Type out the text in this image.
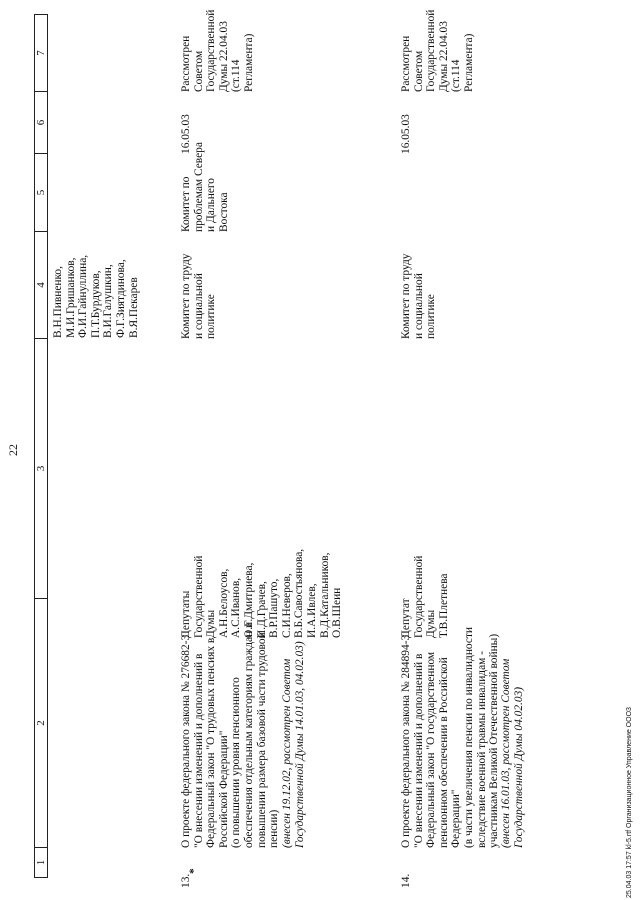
22
1
2
3
4
5
6
7
В.Н.Пивненко,
М.И.Гришанков,
Ф.И.Гайнуллина,
П.Т.Бурдуков,
В.И.Галушкин,
Ф.Г.Зиятдинова,
В.Я.Пекарев
13.
*
О проекте федерального закона № 276682-3
"О внесении изменений и дополнений в
Федеральный закон "О трудовых пенсиях в
Российской Федерации"
(о повышении уровня пенсионного
обеспечения отдельным категориям граждан и
повышении размера базовой части трудовой
пенсии) (внесен 19.12.02, рассмотрен Советом
Государственной Думы 14.01.03, 04.02.03)
Депутаты
Государственной
Думы
А.Н.Белоусов,
А.С.Иванов,
О.Г.Дмитриева,
И.Д.Грачев,
В.Р.Пашуто,
С.И.Неверов,
В.Б.Савостьянова,
И.А.Ивлев,
В.Д.Катальников,
О.В.Шеин
Комитет по труду
и социальной
политике
Комитет по
проблемам Севера
и Дальнего
Востока
16.05.03
Рассмотрен Советом
Государственной
Думы 22.04.03
(ст.114 Регламента)
14.
О проекте федерального закона № 284894-3
"О внесении изменений и дополнений в
Федеральный закон "О государственном
пенсионном обеспечении в Российской
Федерации"
(в части увеличения пенсии по инвалидности
вследствие военной травмы инвалидам -
участникам Великой Отечественной войны)
(внесен 16.01.03, рассмотрен Советом
Государственной Думы 04.02.03)
Депутат
Государственной
Думы
Т.В.Плетнева
Комитет по труду
и социальной
политике
16.05.03
Рассмотрен Советом
Государственной
Думы 22.04.03
(ст.114 Регламента)
25.04.03 17:57 kl-5.rtf Организационное Управление ООО3
